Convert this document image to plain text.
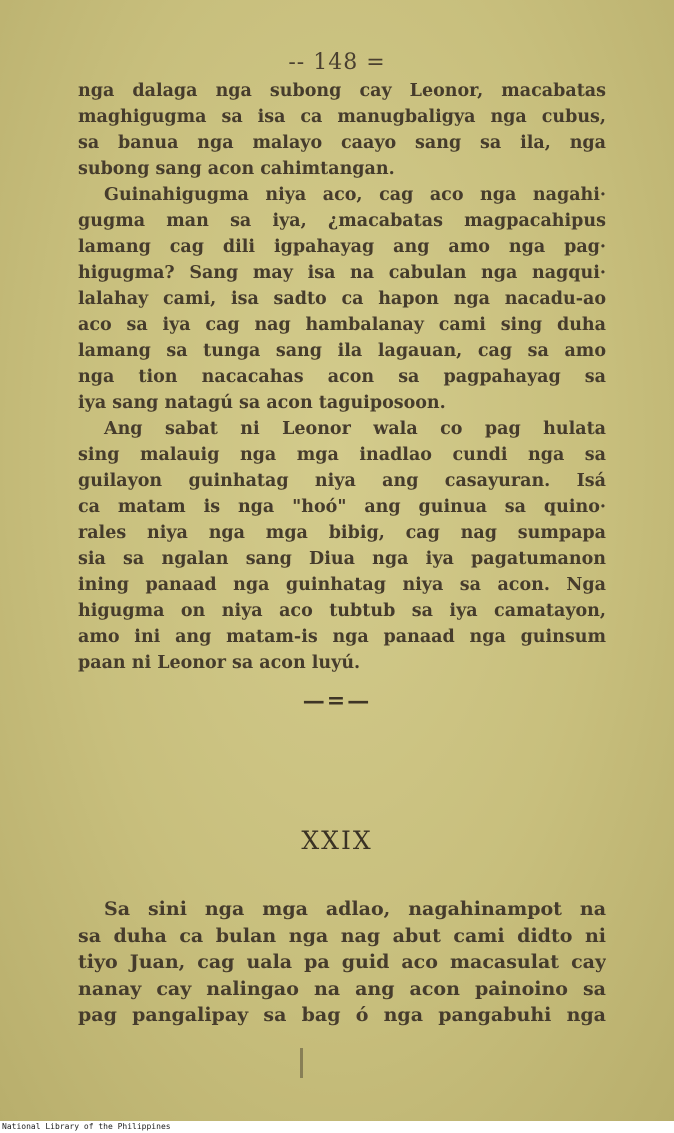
-- 148 =
nga dalaga nga subong cay Leonor, macabatas
maghigugma sa isa ca manugbaligya nga cubus,
sa banua nga malayo caayo sang sa ila, nga
subong sang acon cahimtangan.
Guinahigugma niya aco, cag aco nga nagahi·
gugma man sa iya, ¿macabatas magpacahipus
lamang cag dili igpahayag ang amo nga pag·
higugma? Sang may isa na cabulan nga nagqui·
lalahay cami, isa sadto ca hapon nga nacadu-ao
aco sa iya cag nag hambalanay cami sing duha
lamang sa tunga sang ila lagauan, cag sa amo
nga tion nacacahas acon sa pagpahayag sa
iya sang natagú sa acon taguiposoon.
Ang sabat ni Leonor wala co pag hulata
sing malauig nga mga inadlao cundi nga sa
guilayon guinhatag niya ang casayuran. Isá
ca matam is nga "hoó" ang guinua sa quino·
rales niya nga mga bibig, cag nag sumpapa
sia sa ngalan sang Diua nga iya pagatumanon
ining panaad nga guinhatag niya sa acon. Nga
higugma on niya aco tubtub sa iya camatayon,
amo ini ang matam-is nga panaad nga guinsum
paan ni Leonor sa acon luyú.
—=—
XXIX
Sa sini nga mga adlao, nagahinampot na
sa duha ca bulan nga nag abut cami didto ni
tiyo Juan, cag uala pa guid aco macasulat cay
nanay cay nalingao na ang acon painoino sa
pag pangalipay sa bag ó nga pangabuhi nga
National Library of the Philippines
